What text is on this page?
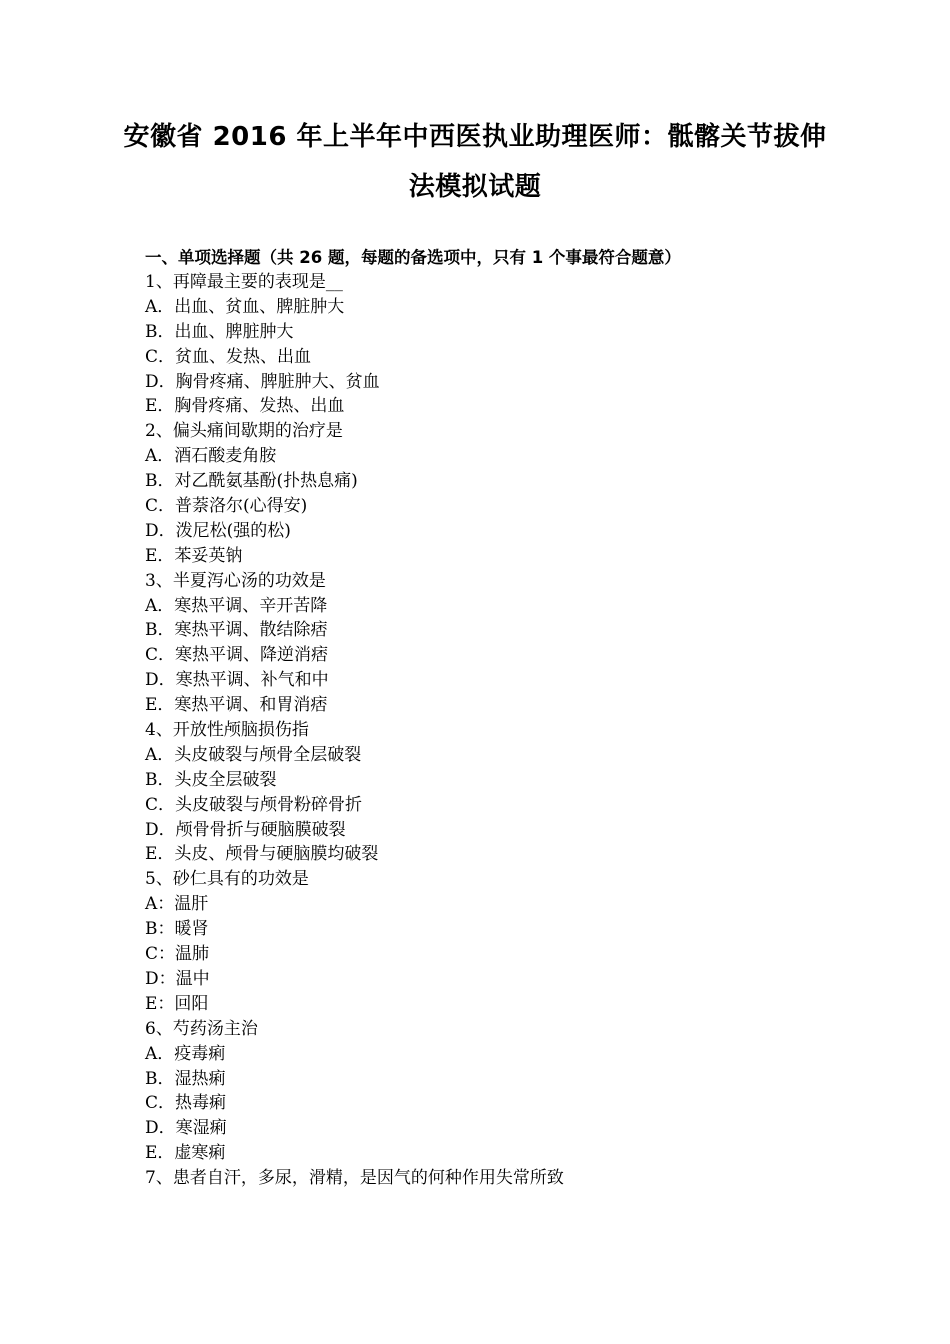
安徽省 2016 年上半年中西医执业助理医师：骶髂关节拔伸
法模拟试题
一、单项选择题（共 26 题，每题的备选项中，只有 1 个事最符合题意）
1、再障最主要的表现是__
A．出血、贫血、脾脏肿大
B．出血、脾脏肿大
C．贫血、发热、出血
D．胸骨疼痛、脾脏肿大、贫血
E．胸骨疼痛、发热、出血
2、偏头痛间歇期的治疗是
A．酒石酸麦角胺
B．对乙酰氨基酚(扑热息痛)
C．普萘洛尔(心得安)
D．泼尼松(强的松)
E．苯妥英钠
3、半夏泻心汤的功效是
A．寒热平调、辛开苦降
B．寒热平调、散结除痞
C．寒热平调、降逆消痞
D．寒热平调、补气和中
E．寒热平调、和胃消痞
4、开放性颅脑损伤指
A．头皮破裂与颅骨全层破裂
B．头皮全层破裂
C．头皮破裂与颅骨粉碎骨折
D．颅骨骨折与硬脑膜破裂
E．头皮、颅骨与硬脑膜均破裂
5、砂仁具有的功效是
A：温肝
B：暖肾
C：温肺
D：温中
E：回阳
6、芍药汤主治
A．疫毒痢
B．湿热痢
C．热毒痢
D．寒湿痢
E．虚寒痢
7、患者自汗，多尿，滑精，是因气的何种作用失常所致
